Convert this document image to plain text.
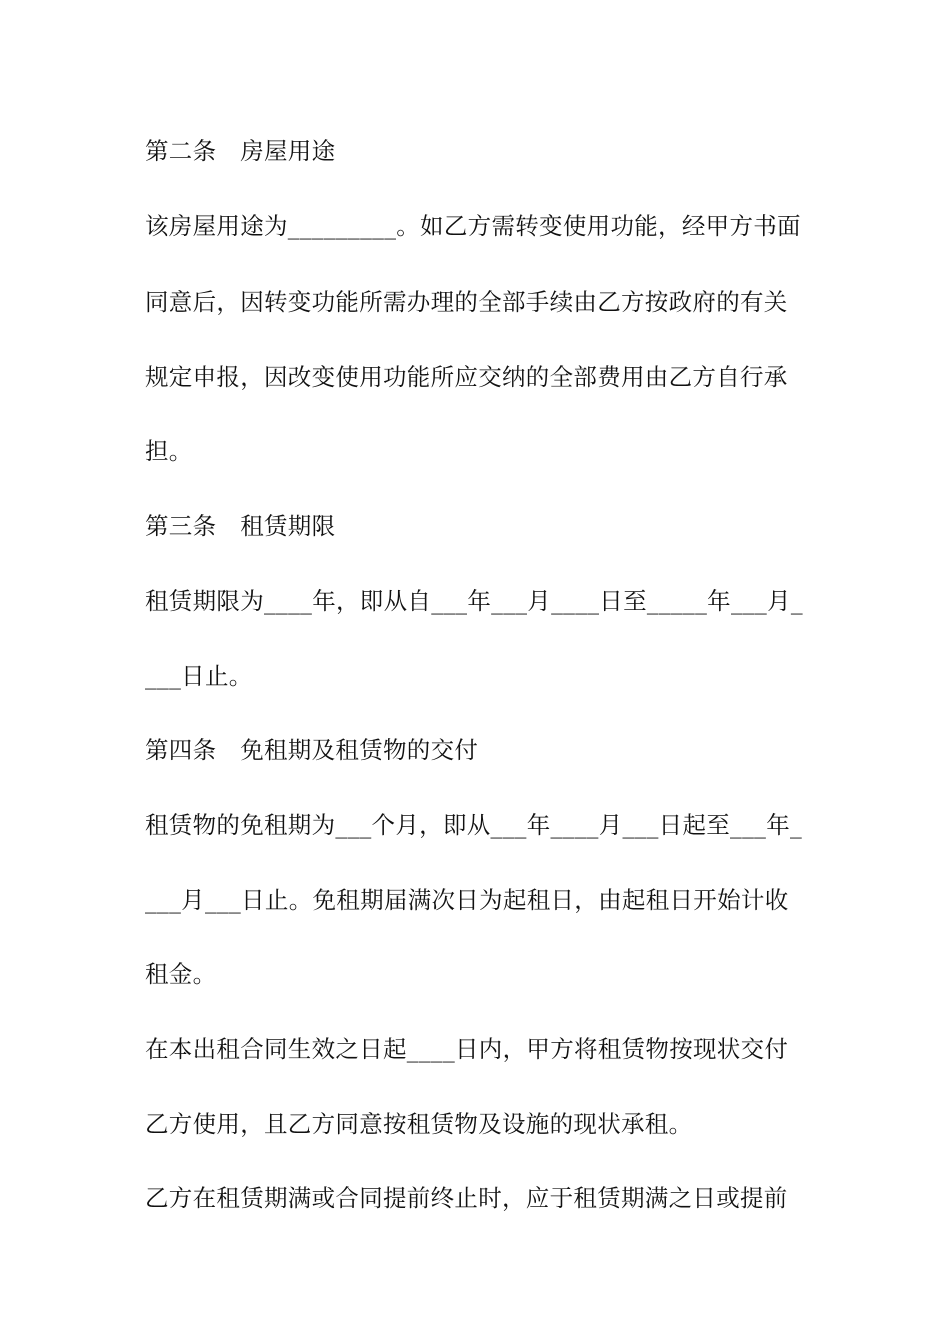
第二条　房屋用途
该房屋用途为_________。如乙方需转变使用功能，经甲方书面
同意后，因转变功能所需办理的全部手续由乙方按政府的有关
规定申报，因改变使用功能所应交纳的全部费用由乙方自行承
担。
第三条　租赁期限
租赁期限为____年，即从自___年___月____日至_____年___月_
___日止。
第四条　免租期及租赁物的交付
租赁物的免租期为___个月，即从___年____月___日起至___年_
___月___日止。免租期届满次日为起租日，由起租日开始计收
租金。
在本出租合同生效之日起____日内，甲方将租赁物按现状交付
乙方使用，且乙方同意按租赁物及设施的现状承租。
乙方在租赁期满或合同提前终止时，应于租赁期满之日或提前
